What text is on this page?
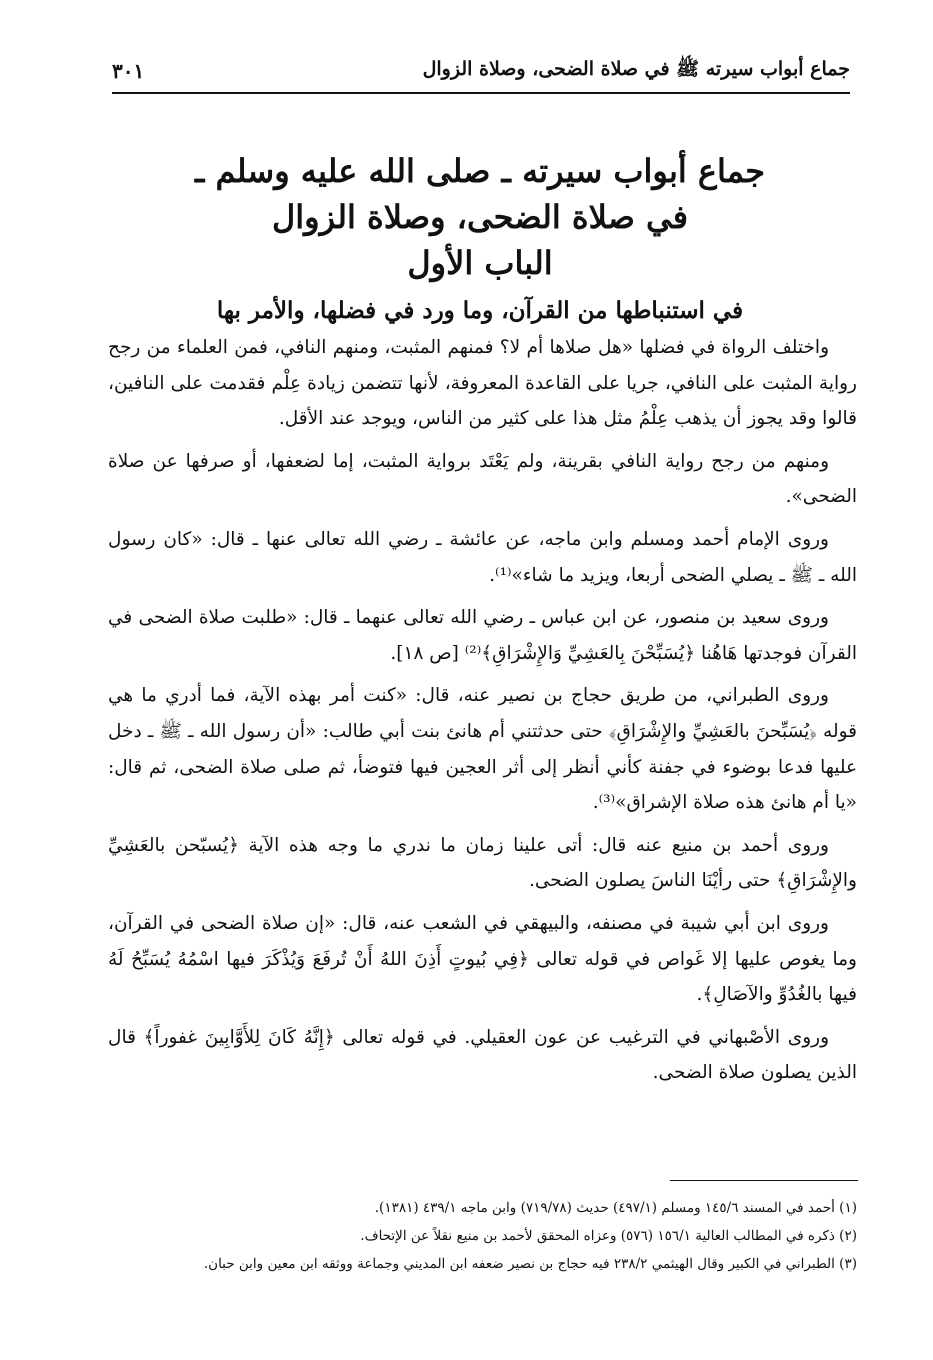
جماع أبواب سيرته ﷺ في صلاة الضحى، وصلاة الزوال
٣٠١
جماع أبواب سيرته ـ صلى الله عليه وسلم ـ
في صلاة الضحى، وصلاة الزوال
الباب الأول
في استنباطها من القرآن، وما ورد في فضلها، والأمر بها

واختلف الرواة في فضلها «هل صلاها أم لا؟ فمنهم المثبت، ومنهم النافي، فمن العلماء من رجح رواية المثبت على النافي، جريا على القاعدة المعروفة، لأنها تتضمن زيادة عِلْم فقدمت على النافين، قالوا وقد يجوز أن يذهب عِلْمُ مثل هذا على كثير من الناس، ويوجد عند الأقل.

ومنهم من رجح رواية النافي بقرينة، ولم يَعْتَد برواية المثبت، إما لضعفها، أو صرفها عن صلاة الضحى».

وروى الإمام أحمد ومسلم وابن ماجه، عن عائشة ـ رضي الله تعالى عنها ـ قال: «كان رسول الله ـ ﷺ ـ يصلي الضحى أربعا، ويزيد ما شاء»⁽¹⁾.

وروى سعيد بن منصور، عن ابن عباس ـ رضي الله تعالى عنهما ـ قال: «طلبت صلاة الضحى في القرآن فوجدتها هَاهُنا ﴿يُسَبِّحْنَ بِالعَشِيِّ وَالإِشْرَاقِ﴾⁽²⁾ [ص ١٨].

وروى الطبراني، من طريق حجاج بن نصير عنه، قال: «كنت أمر بهذه الآية، فما أدري ما هي قوله ﴿يُسَبِّحنَ بالعَشِيِّ والإِشْرَاقِ﴾ حتى حدثتني أم هانئ بنت أبي طالب: «أن رسول الله ـ ﷺ ـ دخل عليها فدعا بوضوء في جفنة كأني أنظر إلى أثر العجين فيها فتوضأ، ثم صلى صلاة الضحى، ثم قال: «يا أم هانئ هذه صلاة الإشراق»⁽³⁾.

وروى أحمد بن منيع عنه قال: أتى علينا زمان ما ندري ما وجه هذه الآية ﴿يُسبّحن بالعَشِيِّ والإِشْرَاقِ﴾ حتى رأيْنَا الناسَ يصلون الضحى.

وروى ابن أبي شيبة في مصنفه، والبيهقي في الشعب عنه، قال: «إن صلاة الضحى في القرآن، وما يغوص عليها إلا غَواص في قوله تعالى ﴿فِي بُيوتٍ أَذِنَ اللهُ أَنْ تُرفَعَ وَيُذْكَرَ فيها اسْمُهُ يُسَبِّحُ لَهُ فيها بالغُدُوِّ والآصَالِ﴾.

وروى الأصْبهاني في الترغيب عن عون العقيلي. في قوله تعالى ﴿إِنَّهُ كَانَ لِلأَوَّابِينَ غفوراً﴾ قال الذين يصلون صلاة الضحى.

(١) أحمد في المسند ١٤٥/٦ ومسلم (٤٩٧/١) حديث (٧١٩/٧٨) وابن ماجه ٤٣٩/١ (١٣٨١).

(٢) ذكره في المطالب العالية ١٥٦/١ (٥٧٦) وعزاه المحقق لأحمد بن منيع نقلاً عن الإتحاف.

(٣) الطبراني في الكبير وقال الهيثمي ٢٣٨/٢ فيه حجاج بن نصير ضعفه ابن المديني وجماعة ووثقه ابن معين وابن حبان.
